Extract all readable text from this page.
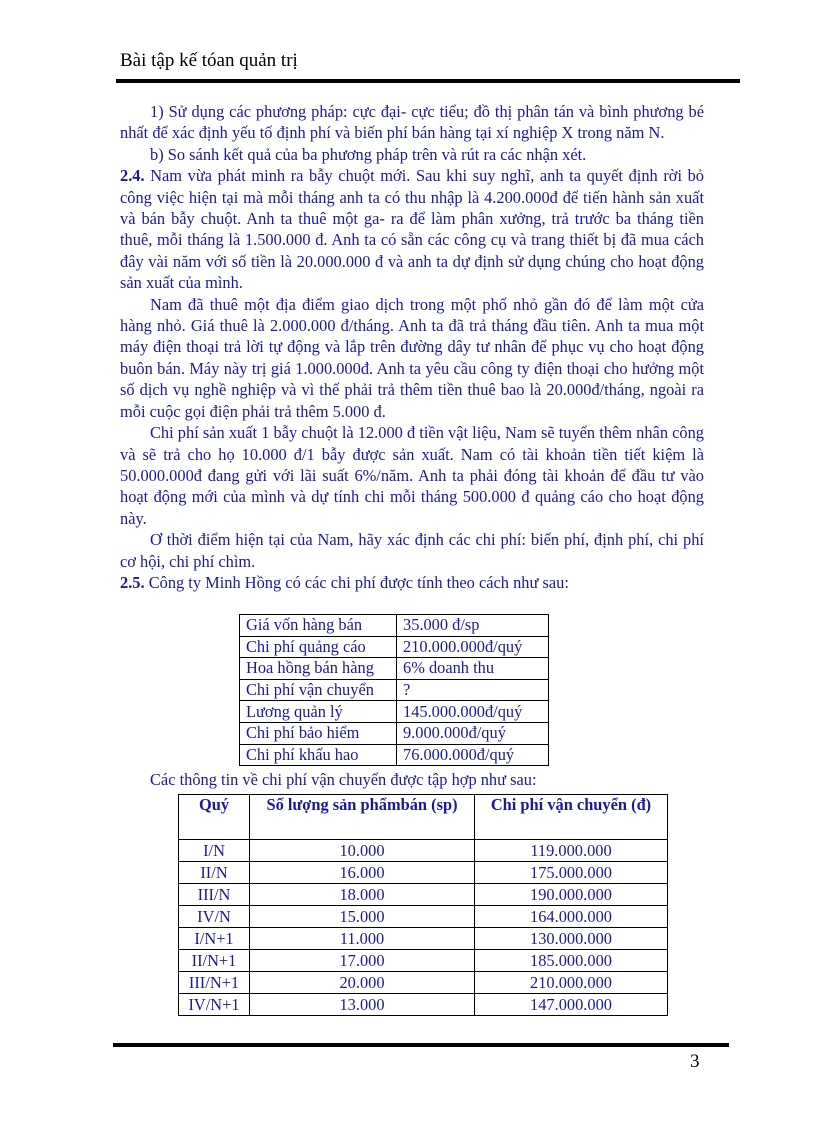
Bài tập kế tóan quản trị

1) Sử dụng các phương pháp: cực đại- cực tiểu; đồ thị phân tán và bình phương bé nhất để xác định yếu tố định phí và biến phí bán hàng tại xí nghiệp X trong năm N.

b) So sánh kết quả của ba phương pháp trên và rút ra các nhận xét.

2.4. Nam vừa phát minh ra bẫy chuột mới. Sau khi suy nghĩ, anh ta quyết định rời bỏ công việc hiện tại mà mỗi tháng anh ta có thu nhập là 4.200.000đ để tiến hành sản xuất và bán bẫy chuột. Anh ta thuê một ga- ra để làm phân xưởng, trả trước ba tháng tiền thuê, mỗi tháng là 1.500.000 đ. Anh ta có sẵn các công cụ và trang thiết bị đã mua cách đây vài năm với số tiền là 20.000.000 đ và anh ta dự định sử dụng chúng cho hoạt động sản xuất của mình.

Nam đã thuê một địa điểm giao dịch trong một phố nhỏ gần đó để làm một cửa hàng nhỏ. Giá thuê là 2.000.000 đ/tháng. Anh ta đã trả tháng đầu tiên. Anh ta mua một máy điện thoại trả lời tự động và lắp trên đường dây tư nhân để phục vụ cho hoạt động buôn bán. Máy này trị giá 1.000.000đ. Anh ta yêu cầu công ty điện thoại cho hưởng một số dịch vụ nghề nghiệp và vì thế phải trả thêm tiền thuê bao là 20.000đ/tháng, ngoài ra mỗi cuộc gọi điện phải trả thêm 5.000 đ.

Chi phí sản xuất 1 bẫy chuột là 12.000 đ tiền vật liệu, Nam sẽ tuyển thêm nhân công và sẽ trả cho họ 10.000 đ/1 bẫy được sản xuất. Nam có tài khoản tiền tiết kiệm là 50.000.000đ đang gửi với lãi suất 6%/năm. Anh ta phải đóng tài khoản để đầu tư vào hoạt động mới của mình và dự tính chi mỗi tháng 500.000 đ quảng cáo cho hoạt động này.

Ơ thời điểm hiện tại của Nam, hãy xác định các chi phí: biến phí, định phí, chi phí cơ hội, chi phí chìm.

2.5. Công ty Minh Hồng có các chi phí được tính theo cách như sau:

Giá vốn hàng bán	35.000 đ/sp
Chi phí quảng cáo	210.000.000đ/quý
Hoa hồng bán hàng	6% doanh thu
Chi phí vận chuyển	?
Lương quản lý	145.000.000đ/quý
Chi phí bảo hiểm	9.000.000đ/quý
Chi phí khấu hao	76.000.000đ/quý
Các thông tin về chi phí vận chuyển được tập hợp như sau:
Quý	Số lượng sản phẩmbán (sp)	Chi phí vận chuyển (đ)
I/N	10.000	119.000.000
II/N	16.000	175.000.000
III/N	18.000	190.000.000
IV/N	15.000	164.000.000
I/N+1	11.000	130.000.000
II/N+1	17.000	185.000.000
III/N+1	20.000	210.000.000
IV/N+1	13.000	147.000.000
3
